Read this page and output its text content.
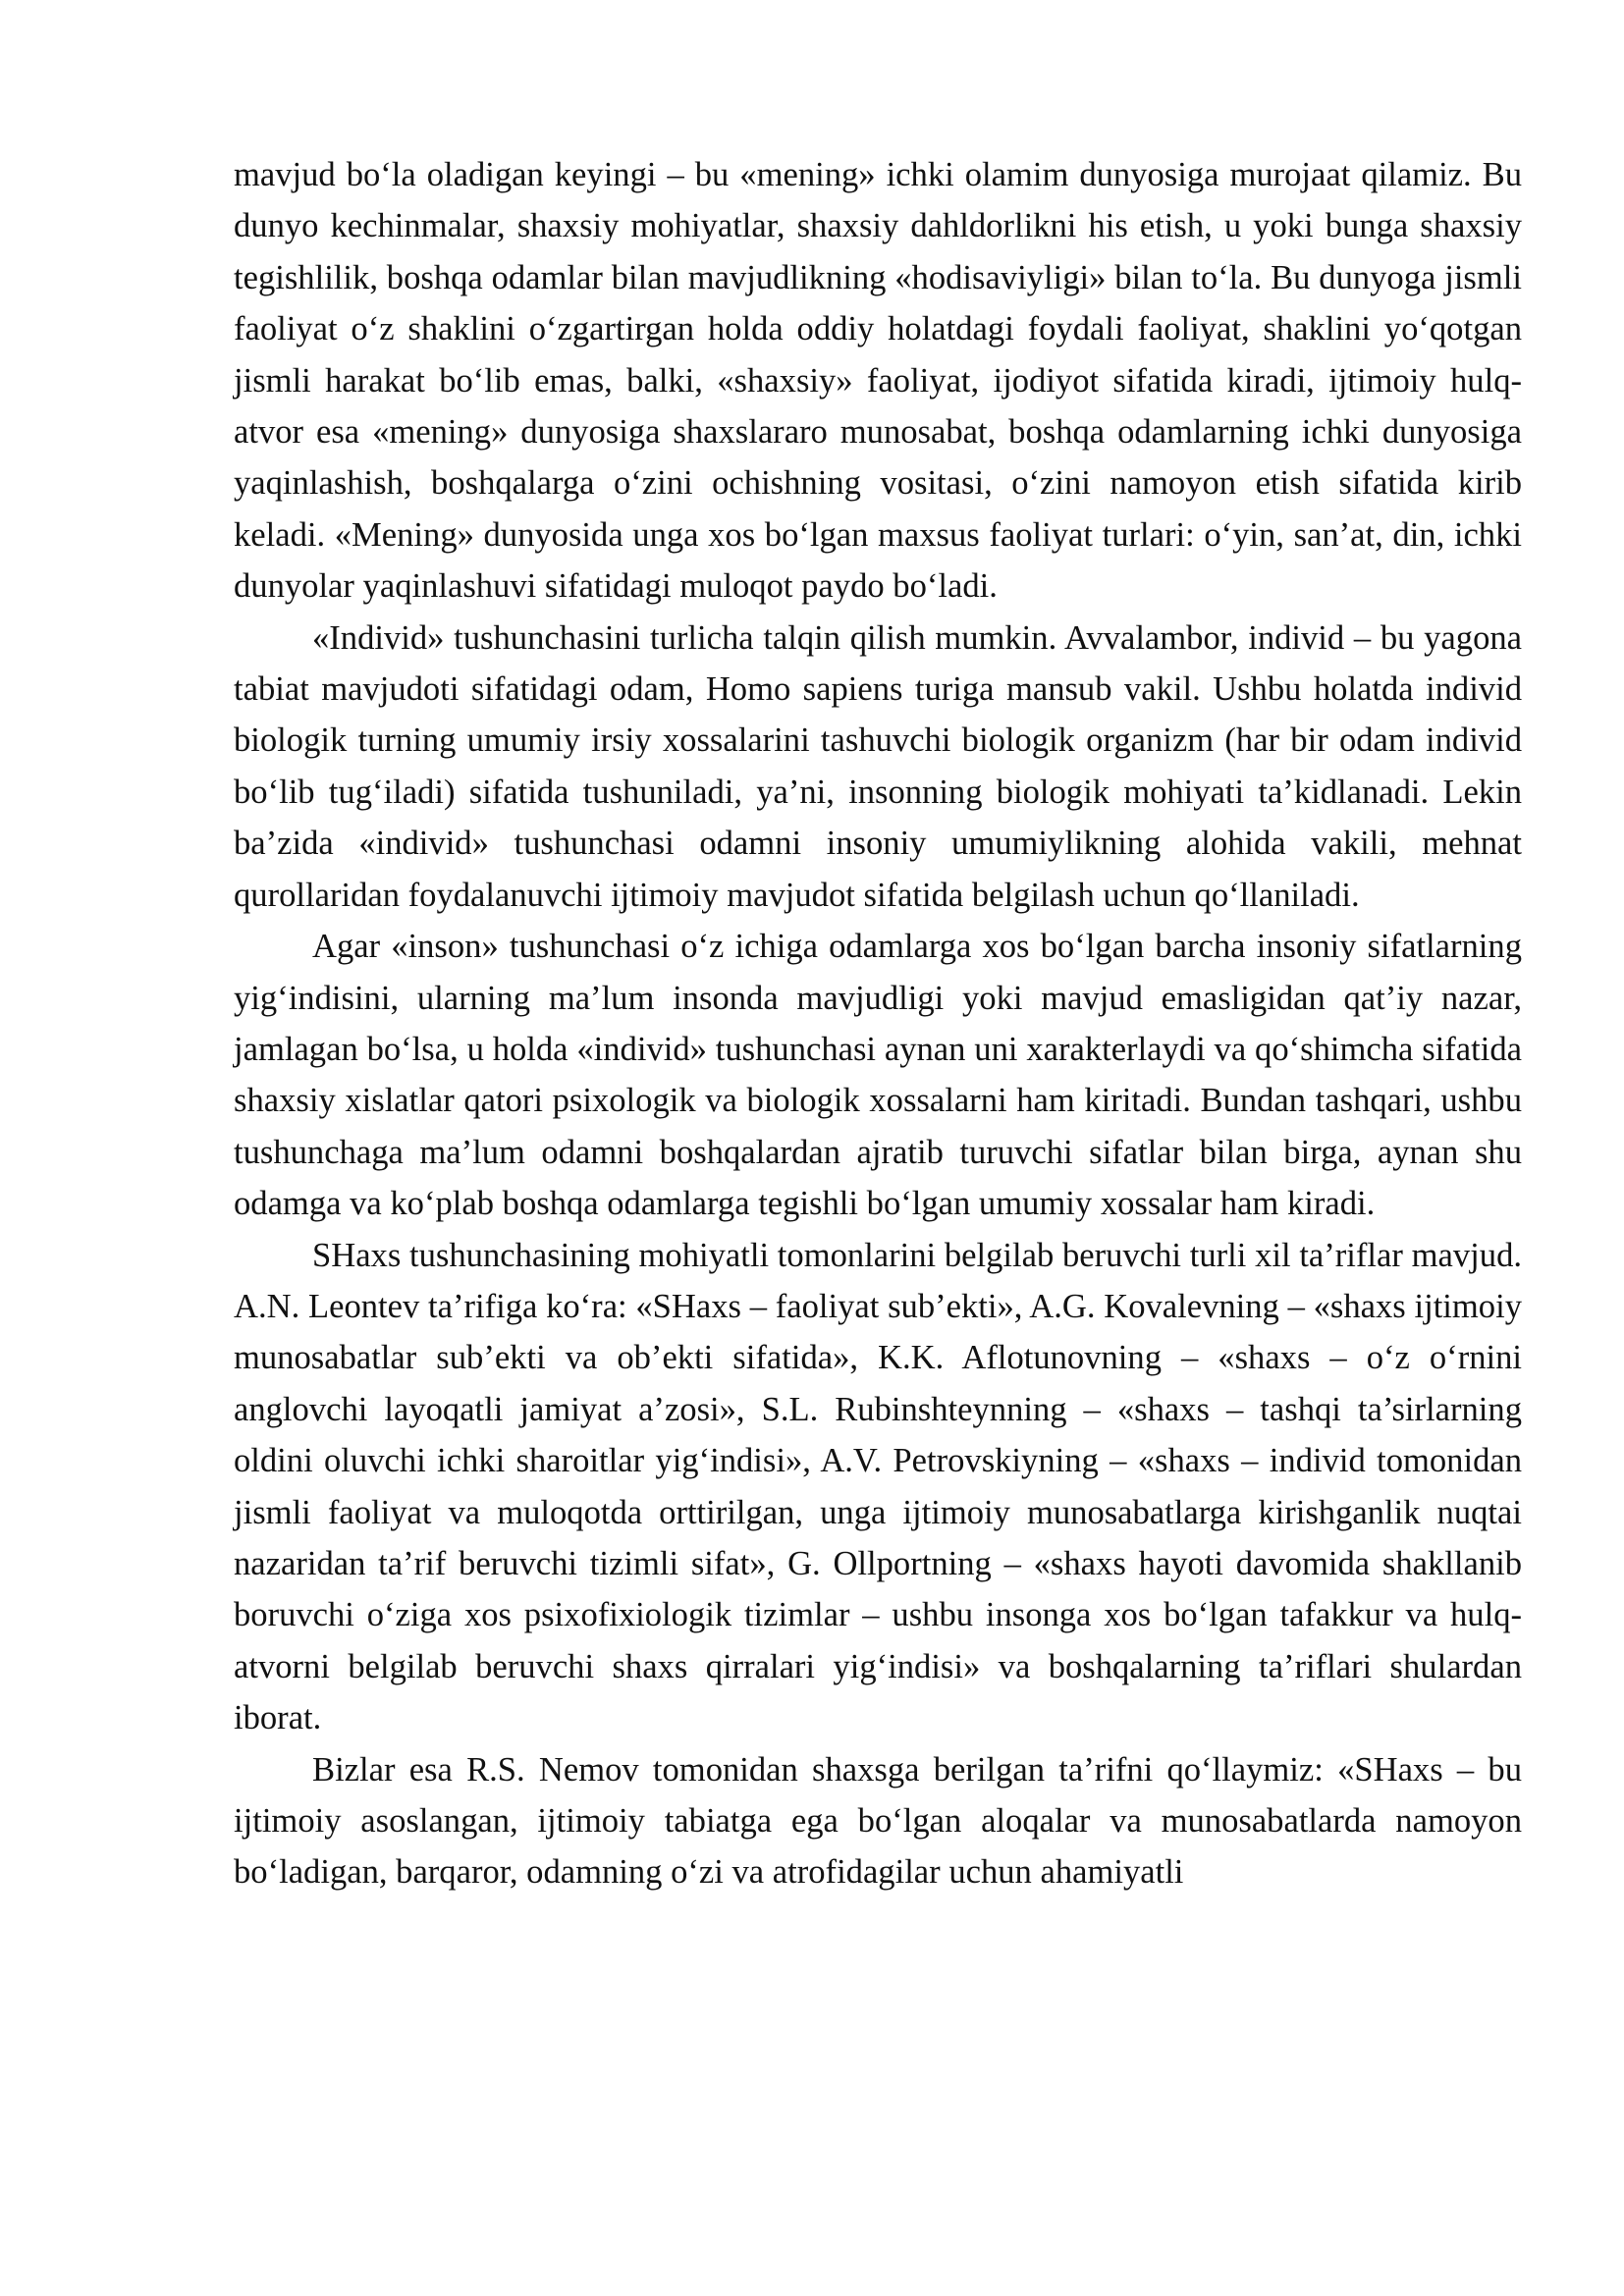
mavjud bo‘la oladigan keyingi – bu «mening» ichki olamim dunyosiga murojaat qilamiz. Bu dunyo kechinmalar, shaxsiy mohiyatlar, shaxsiy dahldorlikni his etish, u yoki bunga shaxsiy tegishlilik, boshqa odamlar bilan mavjudlikning «hodisaviyligi» bilan to‘la. Bu dunyoga jismli faoliyat o‘z shaklini o‘zgartirgan holda oddiy holatdagi foydali faoliyat, shaklini yo‘qotgan jismli harakat bo‘lib emas, balki, «shaxsiy» faoliyat, ijodiyot sifatida kiradi, ijtimoiy hulq-atvor esa «mening» dunyosiga shaxslararo munosabat, boshqa odamlarning ichki dunyosiga yaqinlashish, boshqalarga o‘zini ochishning vositasi, o‘zini namoyon etish sifatida kirib keladi. «Mening» dunyosida unga xos bo‘lgan maxsus faoliyat turlari: o‘yin, san’at, din, ichki dunyolar yaqinlashuvi sifatidagi muloqot paydo bo‘ladi.

«Individ» tushunchasini turlicha talqin qilish mumkin. Avvalambor, individ – bu yagona tabiat mavjudoti sifatidagi odam, Homo sapiens turiga mansub vakil. Ushbu holatda individ biologik turning umumiy irsiy xossalarini tashuvchi biologik organizm (har bir odam individ bo‘lib tug‘iladi) sifatida tushuniladi, ya’ni, insonning biologik mohiyati ta’kidlanadi. Lekin ba’zida «individ» tushunchasi odamni insoniy umumiylikning alohida vakili, mehnat qurollaridan foydalanuvchi ijtimoiy mavjudot sifatida belgilash uchun qo‘llaniladi.

Agar «inson» tushunchasi o‘z ichiga odamlarga xos bo‘lgan barcha insoniy sifatlarning yig‘indisini, ularning ma’lum insonda mavjudligi yoki mavjud emasligidan qat’iy nazar, jamlagan bo‘lsa, u holda «individ» tushunchasi aynan uni xarakterlaydi va qo‘shimcha sifatida shaxsiy xislatlar qatori psixologik va biologik xossalarni ham kiritadi. Bundan tashqari, ushbu tushunchaga ma’lum odamni boshqalardan ajratib turuvchi sifatlar bilan birga, aynan shu odamga va ko‘plab boshqa odamlarga tegishli bo‘lgan umumiy xossalar ham kiradi.

SHaxs tushunchasining mohiyatli tomonlarini belgilab beruvchi turli xil ta’riflar mavjud. A.N. Leontev ta’rifiga ko‘ra: «SHaxs – faoliyat sub’ekti», A.G. Kovalevning – «shaxs ijtimoiy munosabatlar sub’ekti va ob’ekti sifatida», K.K. Aflotunovning – «shaxs – o‘z o‘rnini anglovchi layoqatli jamiyat a’zosi», S.L. Rubinshteynning – «shaxs – tashqi ta’sirlarning oldini oluvchi ichki sharoitlar yig‘indisi», A.V. Petrovskiyning – «shaxs – individ tomonidan jismli faoliyat va muloqotda orttirilgan, unga ijtimoiy munosabatlarga kirishganlik nuqtai nazaridan ta’rif beruvchi tizimli sifat», G. Ollportning – «shaxs hayoti davomida shakllanib boruvchi o‘ziga xos psixofixiologik tizimlar – ushbu insonga xos bo‘lgan tafakkur va hulq-atvorni belgilab beruvchi shaxs qirralari yig‘indisi» va boshqalarning ta’riflari shulardan iborat.

Bizlar esa R.S. Nemov tomonidan shaxsga berilgan ta’rifni qo‘llaymiz: «SHaxs – bu ijtimoiy asoslangan, ijtimoiy tabiatga ega bo‘lgan aloqalar va munosabatlarda namoyon bo‘ladigan, barqaror, odamning o‘zi va atrofidagilar uchun ahamiyatli
